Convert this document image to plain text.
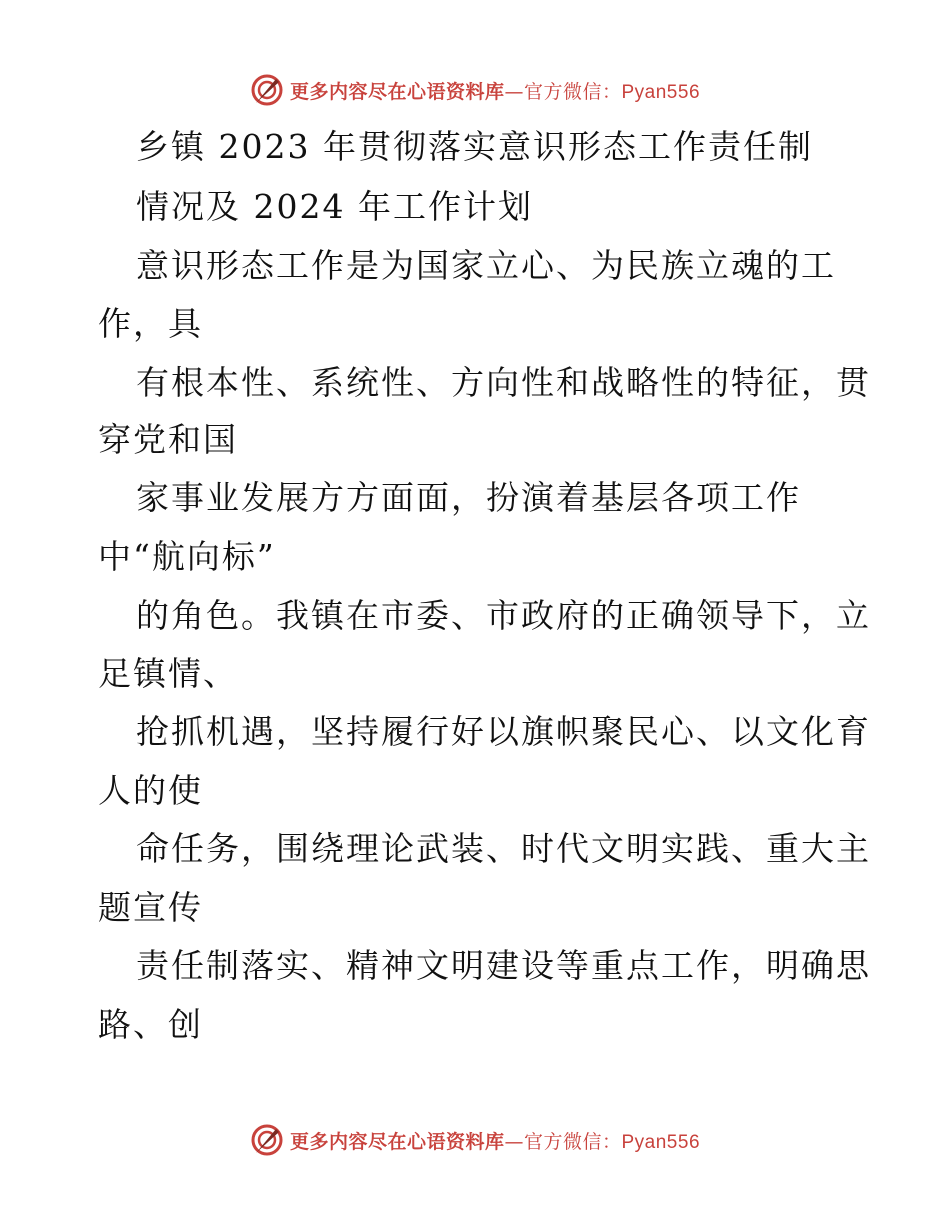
更多内容尽在心语资料库—官方微信：Pyan556
乡镇 2023 年贯彻落实意识形态工作责任制
情况及 2024 年工作计划
意识形态工作是为国家立心、为民族立魂的工
作，具
有根本性、系统性、方向性和战略性的特征，贯
穿党和国
家事业发展方方面面，扮演着基层各项工作
中“航向标”
的角色。我镇在市委、市政府的正确领导下，立
足镇情、
抢抓机遇，坚持履行好以旗帜聚民心、以文化育
人的使
命任务，围绕理论武装、时代文明实践、重大主
题宣传
责任制落实、精神文明建设等重点工作，明确思
路、创
更多内容尽在心语资料库—官方微信：Pyan556
